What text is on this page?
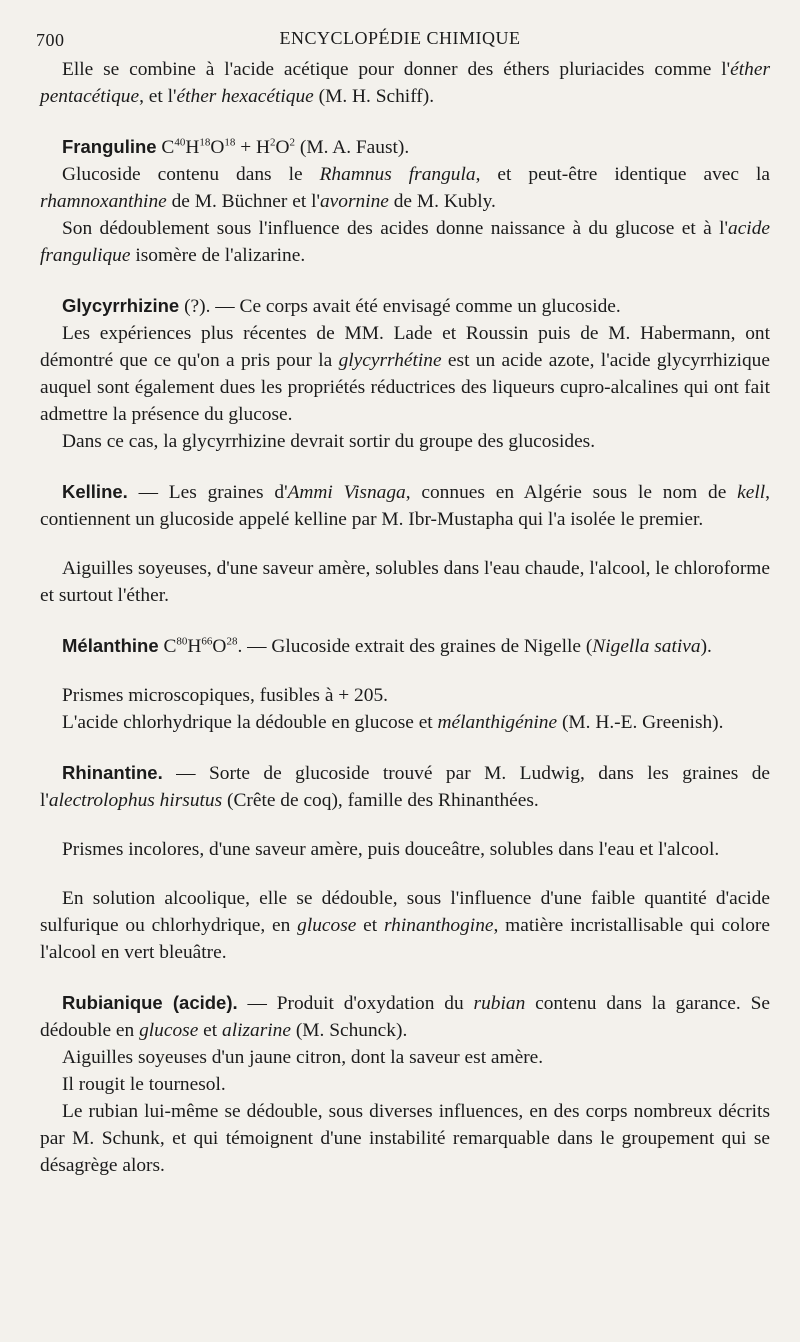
700	ENCYCLOPÉDIE CHIMIQUE

Elle se combine à l'acide acétique pour donner des éthers pluriacides comme l'éther pentacétique, et l'éther hexacétique (M. H. Schiff).

Franguline $C^{40}H^{18}O^{18} + H^2O^2$ (M. A. Faust).

Glucoside contenu dans le Rhamnus frangula, et peut-être identique avec la rhamnoxanthine de M. Büchner et l'avornine de M. Kubly.

Son dédoublement sous l'influence des acides donne naissance à du glucose et à l'acide frangulique isomère de l'alizarine.

Glycyrrhizine (?). — Ce corps avait été envisagé comme un glucoside.

Les expériences plus récentes de MM. Lade et Roussin puis de M. Habermann, ont démontré que ce qu'on a pris pour la glycyrrhétine est un acide azote, l'acide glycyrrhizique auquel sont également dues les propriétés réductrices des liqueurs cupro-alcalines qui ont fait admettre la présence du glucose.

Dans ce cas, la glycyrrhizine devrait sortir du groupe des glucosides.

Kelline. — Les graines d'Ammi Visnaga, connues en Algérie sous le nom de kell, contiennent un glucoside appelé kelline par M. Ibr-Mustapha qui l'a isolée le premier.

Aiguilles soyeuses, d'une saveur amère, solubles dans l'eau chaude, l'alcool, le chloroforme et surtout l'éther.

Mélanthine $C^{80}H^{66}O^{28}$. — Glucoside extrait des graines de Nigelle (Nigella sativa).

Prismes microscopiques, fusibles à + 205.

L'acide chlorhydrique la dédouble en glucose et mélanthigénine (M. H.-E. Greenish).

Rhinantine. — Sorte de glucoside trouvé par M. Ludwig, dans les graines de l'alectrolophus hirsutus (Crête de coq), famille des Rhinanthées.

Prismes incolores, d'une saveur amère, puis douceâtre, solubles dans l'eau et l'alcool.

En solution alcoolique, elle se dédouble, sous l'influence d'une faible quantité d'acide sulfurique ou chlorhydrique, en glucose et rhinanthogine, matière incristallisable qui colore l'alcool en vert bleuâtre.

Rubianique (acide). — Produit d'oxydation du rubian contenu dans la garance. Se dédouble en glucose et alizarine (M. Schunck).

Aiguilles soyeuses d'un jaune citron, dont la saveur est amère.

Il rougit le tournesol.

Le rubian lui-même se dédouble, sous diverses influences, en des corps nombreux décrits par M. Schunk, et qui témoignent d'une instabilité remarquable dans le groupement qui se désagrège alors.
